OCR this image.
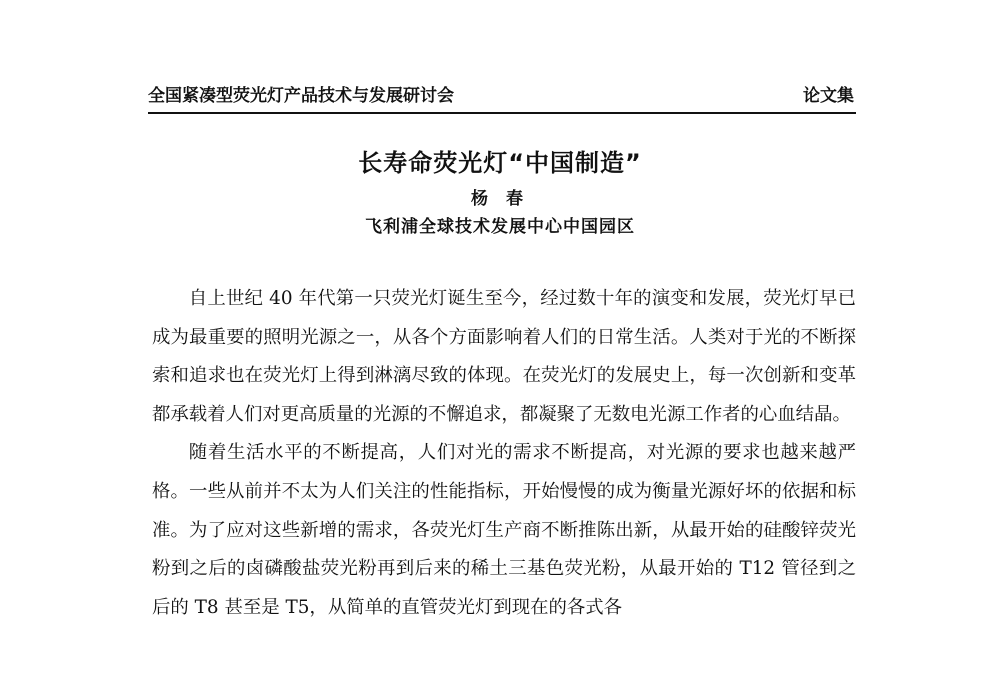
全国紧凑型荧光灯产品技术与发展研讨会	论文集
长寿命荧光灯“中国制造”
杨 春
飞利浦全球技术发展中心中国园区

自上世纪 40 年代第一只荧光灯诞生至今，经过数十年的演变和发展，荧光灯早已成为最重要的照明光源之一，从各个方面影响着人们的日常生活。人类对于光的不断探索和追求也在荧光灯上得到淋漓尽致的体现。在荧光灯的发展史上，每一次创新和变革都承载着人们对更高质量的光源的不懈追求，都凝聚了无数电光源工作者的心血结晶。

随着生活水平的不断提高，人们对光的需求不断提高，对光源的要求也越来越严格。一些从前并不太为人们关注的性能指标，开始慢慢的成为衡量光源好坏的依据和标准。为了应对这些新增的需求，各荧光灯生产商不断推陈出新，从最开始的硅酸锌荧光粉到之后的卤磷酸盐荧光粉再到后来的稀土三基色荧光粉，从最开始的 T12 管径到之后的 T8 甚至是 T5，从简单的直管荧光灯到现在的各式各
